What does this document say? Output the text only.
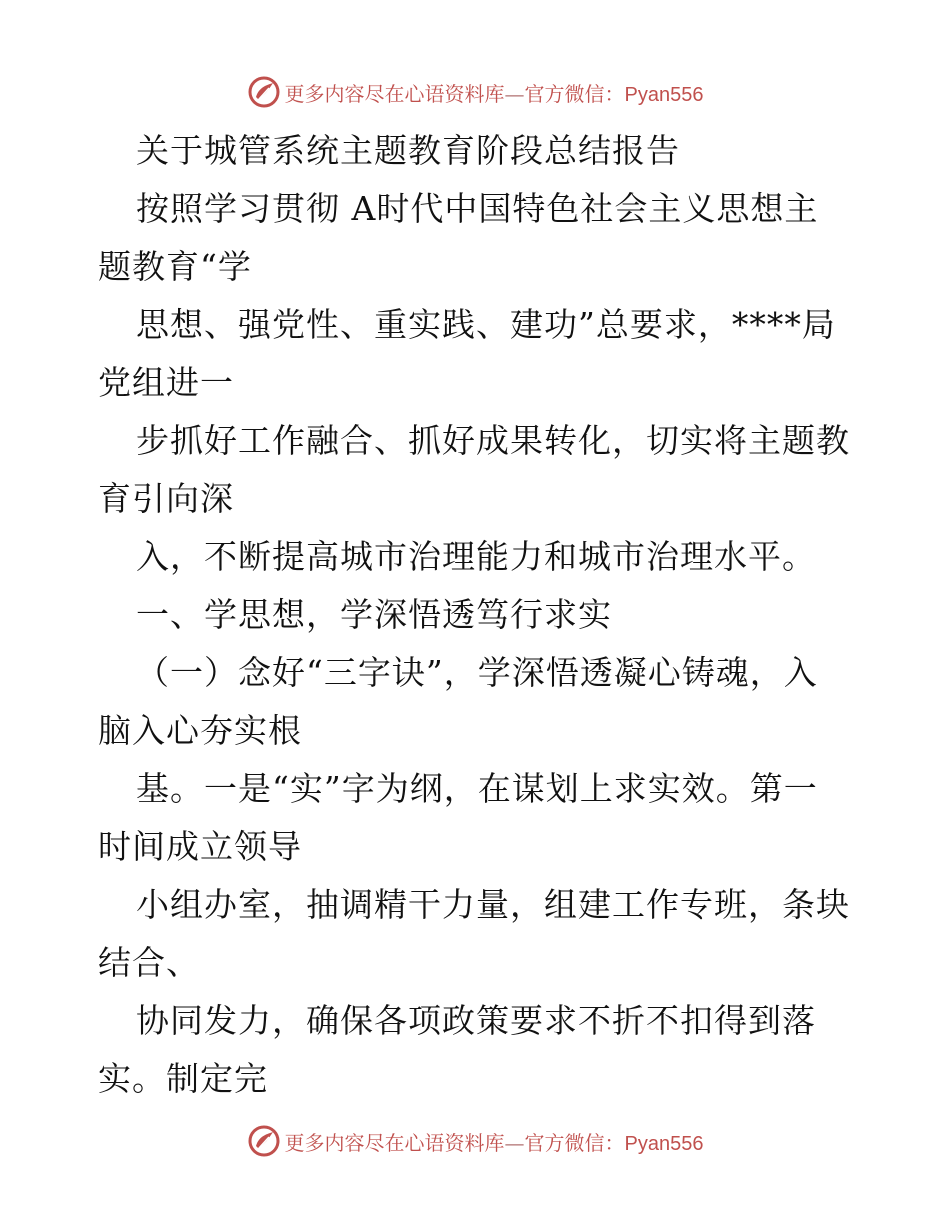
更多内容尽在心语资料库—官方微信：Pyan556
关于城管系统主题教育阶段总结报告
按照学习贯彻 A时代中国特色社会主义思想主
题教育“学
思想、强党性、重实践、建功”总要求，****局
党组进一
步抓好工作融合、抓好成果转化，切实将主题教
育引向深
入，不断提高城市治理能力和城市治理水平。
一、学思想，学深悟透笃行求实
（一）念好“三字诀”，学深悟透凝心铸魂，入
脑入心夯实根
基。一是“实”字为纲，在谋划上求实效。第一
时间成立领导
小组办室，抽调精干力量，组建工作专班，条块
结合、
协同发力，确保各项政策要求不折不扣得到落
实。制定完
更多内容尽在心语资料库—官方微信：Pyan556
